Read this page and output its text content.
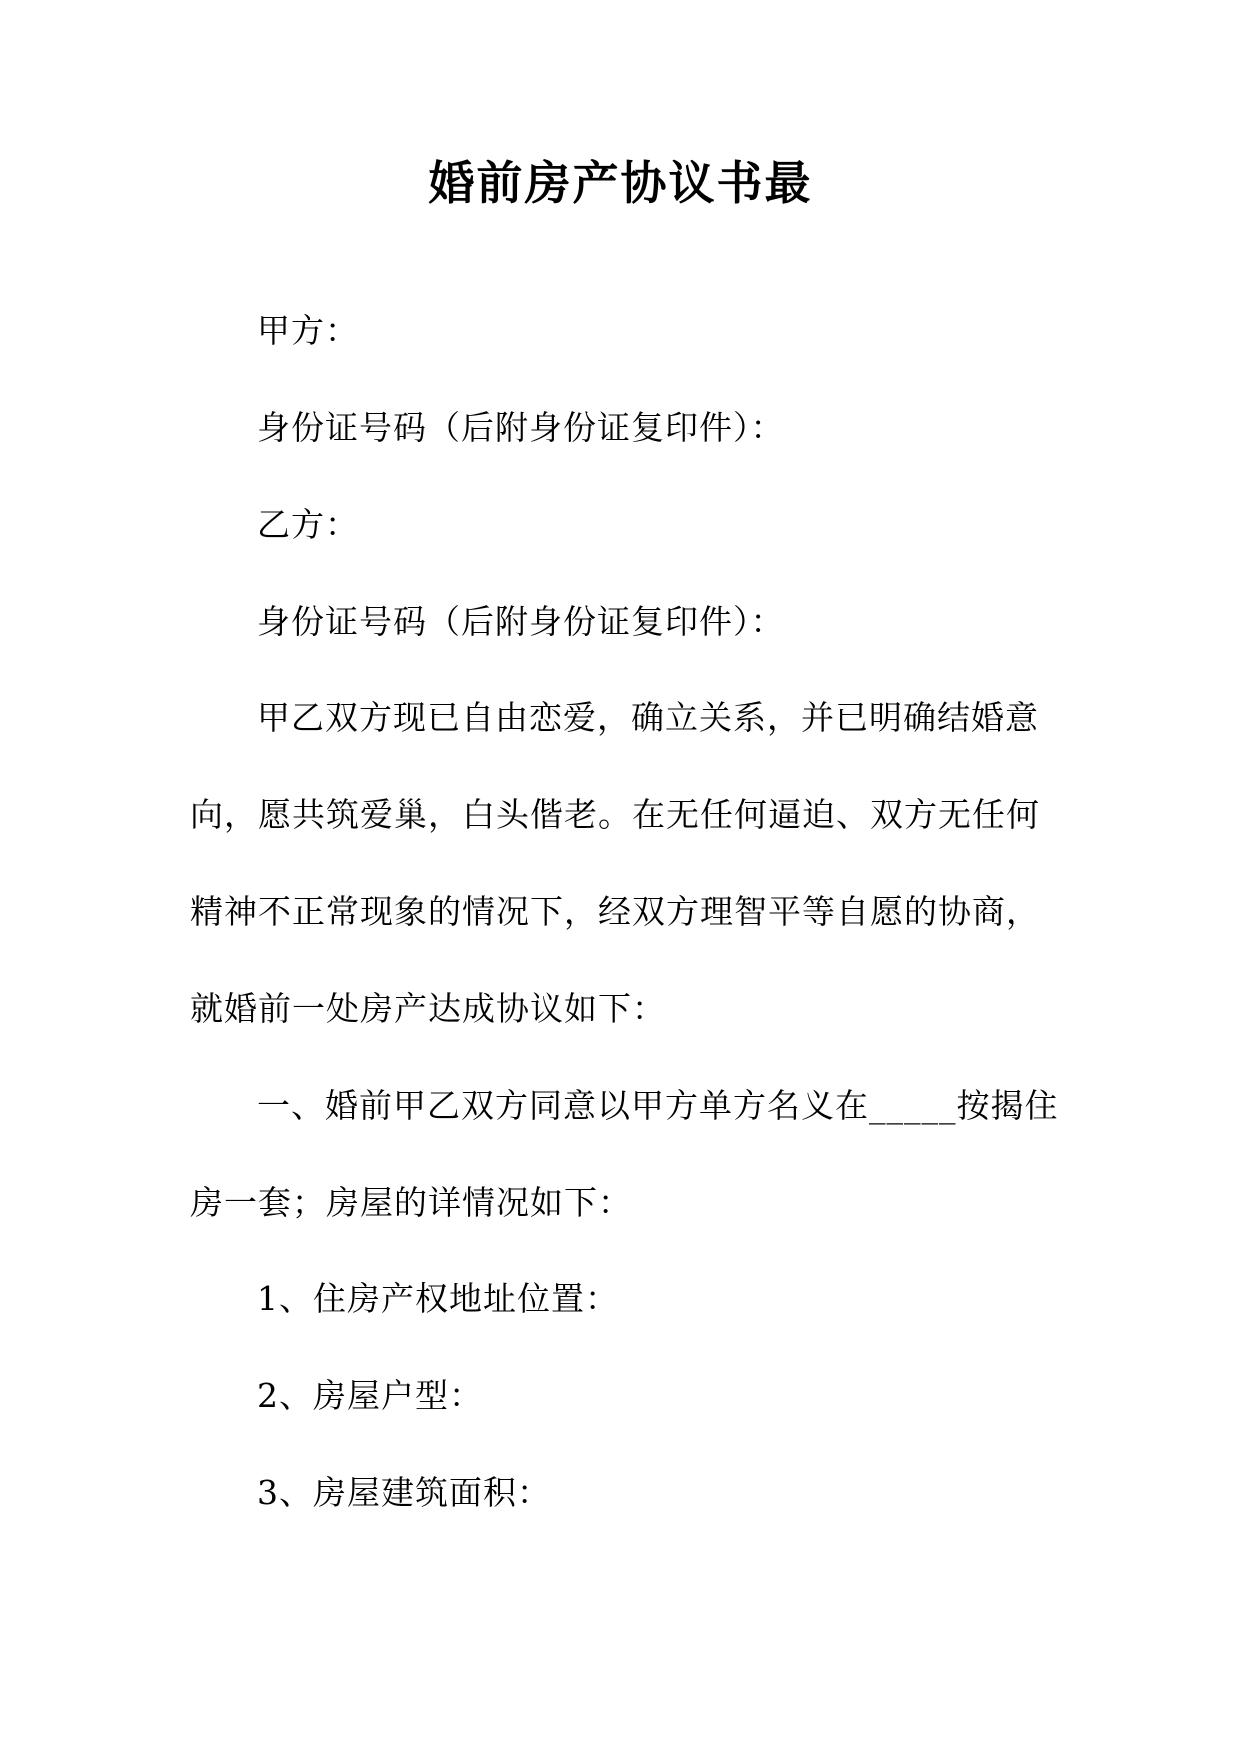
婚前房产协议书最
甲方：
身份证号码（后附身份证复印件）：
乙方：
身份证号码（后附身份证复印件）：
甲乙双方现已自由恋爱，确立关系，并已明确结婚意
向，愿共筑爱巢，白头偕老。在无任何逼迫、双方无任何
精神不正常现象的情况下，经双方理智平等自愿的协商，
就婚前一处房产达成协议如下：
一、婚前甲乙双方同意以甲方单方名义在_____按揭住
房一套；房屋的详情况如下：
1、住房产权地址位置：
2、房屋户型：
3、房屋建筑面积：
